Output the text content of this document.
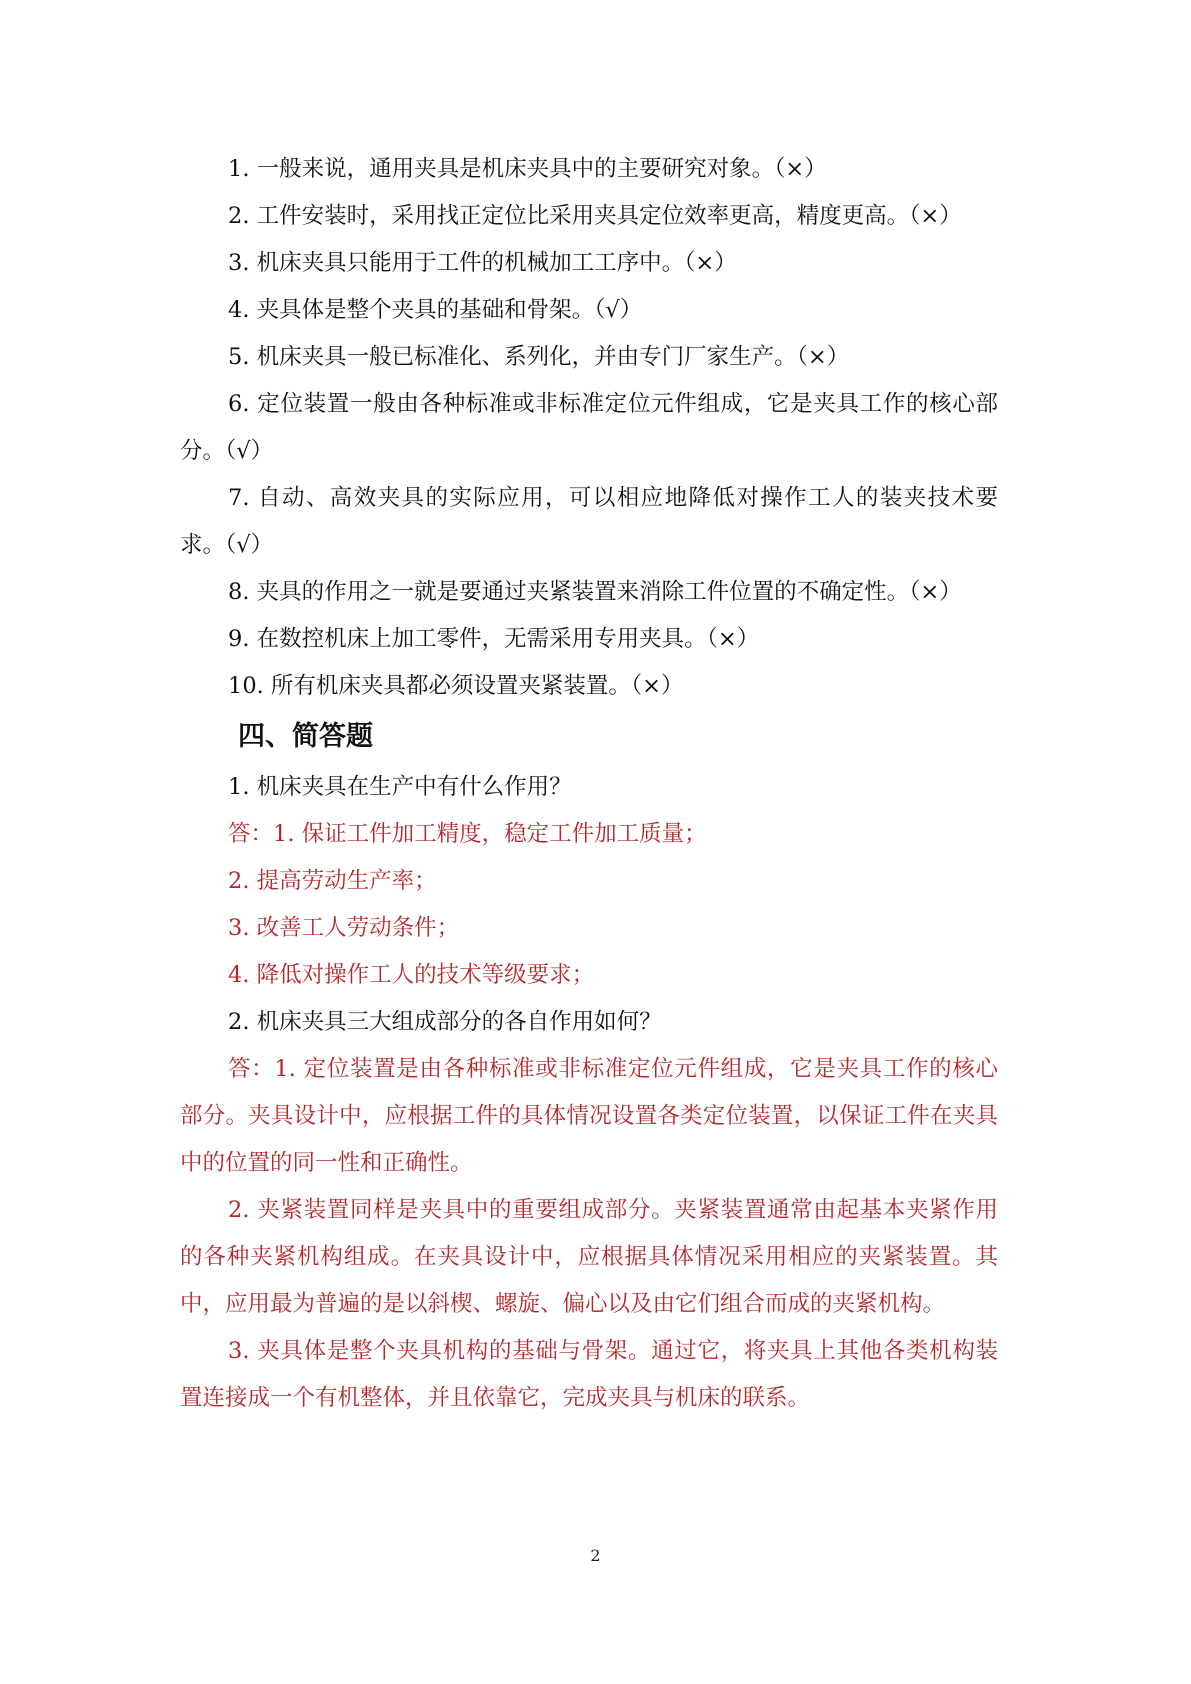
1. 一般来说，通用夹具是机床夹具中的主要研究对象。（×）

2. 工件安装时，采用找正定位比采用夹具定位效率更高，精度更高。（×）

3. 机床夹具只能用于工件的机械加工工序中。（×）

4. 夹具体是整个夹具的基础和骨架。（√）

5. 机床夹具一般已标准化、系列化，并由专门厂家生产。（×）

6. 定位装置一般由各种标准或非标准定位元件组成，它是夹具工作的核心部分。（√）

7. 自动、高效夹具的实际应用，可以相应地降低对操作工人的装夹技术要求。（√）

8. 夹具的作用之一就是要通过夹紧装置来消除工件位置的不确定性。（×）

9. 在数控机床上加工零件，无需采用专用夹具。（×）

10. 所有机床夹具都必须设置夹紧装置。（×）

四、简答题

1. 机床夹具在生产中有什么作用？

答：1. 保证工件加工精度，稳定工件加工质量；

2. 提高劳动生产率；

3. 改善工人劳动条件；

4. 降低对操作工人的技术等级要求；

2. 机床夹具三大组成部分的各自作用如何？

答：1. 定位装置是由各种标准或非标准定位元件组成，它是夹具工作的核心部分。夹具设计中，应根据工件的具体情况设置各类定位装置，以保证工件在夹具中的位置的同一性和正确性。

2. 夹紧装置同样是夹具中的重要组成部分。夹紧装置通常由起基本夹紧作用的各种夹紧机构组成。在夹具设计中，应根据具体情况采用相应的夹紧装置。其中，应用最为普遍的是以斜楔、螺旋、偏心以及由它们组合而成的夹紧机构。

3. 夹具体是整个夹具机构的基础与骨架。通过它，将夹具上其他各类机构装置连接成一个有机整体，并且依靠它，完成夹具与机床的联系。

2
